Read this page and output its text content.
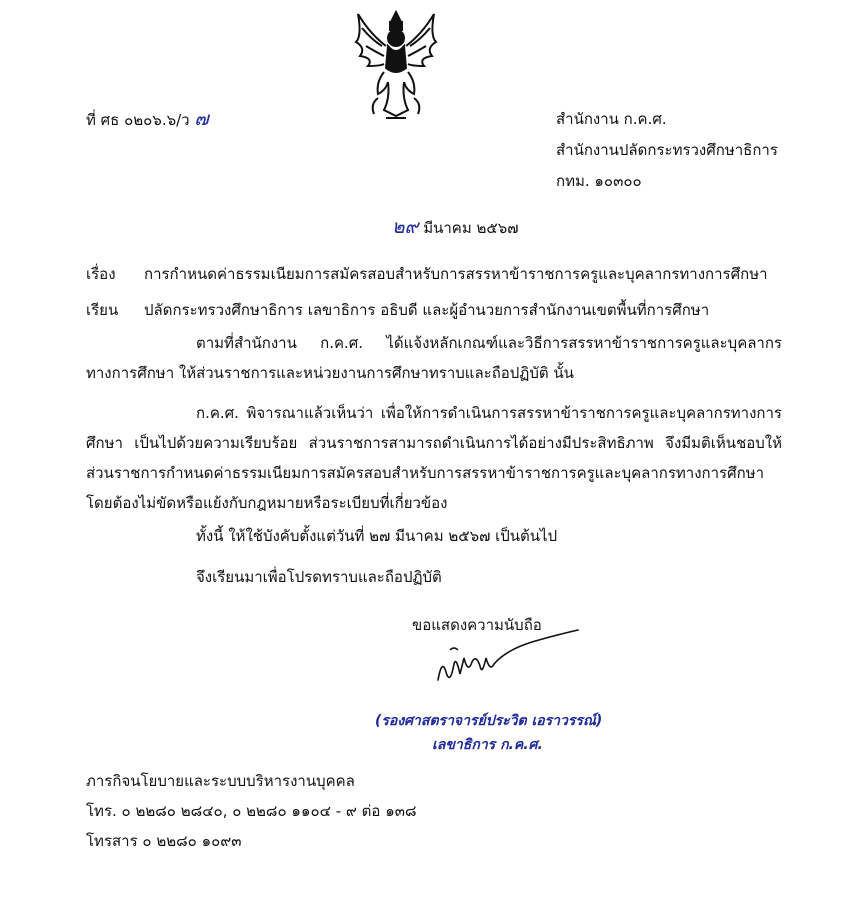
ที่ ศธ ๐๒๐๖.๖/ว ๗	สำนักงาน ก.ค.ศ.
สำนักงานปลัดกระทรวงศึกษาธิการ
กทม. ๑๐๓๐๐
๒๙ มีนาคม ๒๕๖๗
เรื่อง การกำหนดค่าธรรมเนียมการสมัครสอบสำหรับการสรรหาข้าราชการครูและบุคลากรทางการศึกษา
เรียน ปลัดกระทรวงศึกษาธิการ เลขาธิการ อธิบดี และผู้อำนวยการสำนักงานเขตพื้นที่การศึกษา
ตามที่สำนักงาน ก.ค.ศ. ได้แจ้งหลักเกณฑ์และวิธีการสรรหาข้าราชการครูและบุคลากรทางการศึกษา ให้ส่วนราชการและหน่วยงานการศึกษาทราบและถือปฏิบัติ นั้น
ก.ค.ศ. พิจารณาแล้วเห็นว่า เพื่อให้การดำเนินการสรรหาข้าราชการครูและบุคลากรทางการศึกษา เป็นไปด้วยความเรียบร้อย ส่วนราชการสามารถดำเนินการได้อย่างมีประสิทธิภาพ จึงมีมติเห็นชอบให้ส่วนราชการกำหนดค่าธรรมเนียมการสมัครสอบสำหรับการสรรหาข้าราชการครูและบุคลากรทางการศึกษา โดยต้องไม่ขัดหรือแย้งกับกฎหมายหรือระเบียบที่เกี่ยวข้อง
ทั้งนี้ ให้ใช้บังคับตั้งแต่วันที่ ๒๗ มีนาคม ๒๕๖๗ เป็นต้นไป
จึงเรียนมาเพื่อโปรดทราบและถือปฏิบัติ
ขอแสดงความนับถือ
(รองศาสตราจารย์ประวิต เอราวรรณ์)
เลขาธิการ ก.ค.ศ.
ภารกิจนโยบายและระบบบริหารงานบุคคล
โทร. ๐ ๒๒๘๐ ๒๘๔๐, ๐ ๒๒๘๐ ๑๑๐๔ - ๙ ต่อ ๑๓๘
โทรสาร ๐ ๒๒๘๐ ๑๐๙๓
